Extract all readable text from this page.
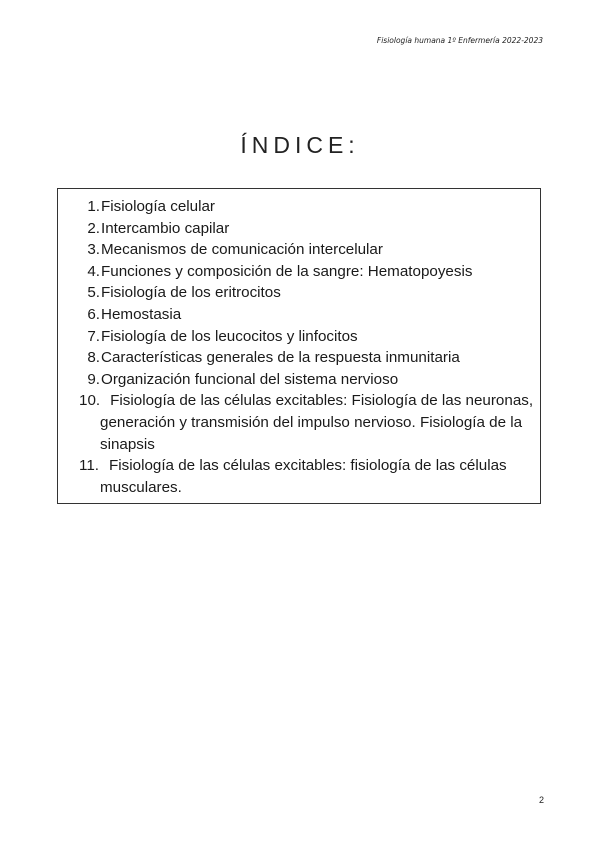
Fisiología humana 1º Enfermería 2022-2023
ÍNDICE:
1. Fisiología celular
2. Intercambio capilar
3. Mecanismos de comunicación intercelular
4. Funciones y composición de la sangre: Hematopoyesis
5. Fisiología de los eritrocitos
6. Hemostasia
7. Fisiología de los leucocitos y linfocitos
8. Características generales de la respuesta inmunitaria
9. Organización funcional del sistema nervioso
10. Fisiología de las células excitables: Fisiología de las neuronas, generación y transmisión del impulso nervioso. Fisiología de la sinapsis
11. Fisiología de las células excitables: fisiología de las células musculares.
2
